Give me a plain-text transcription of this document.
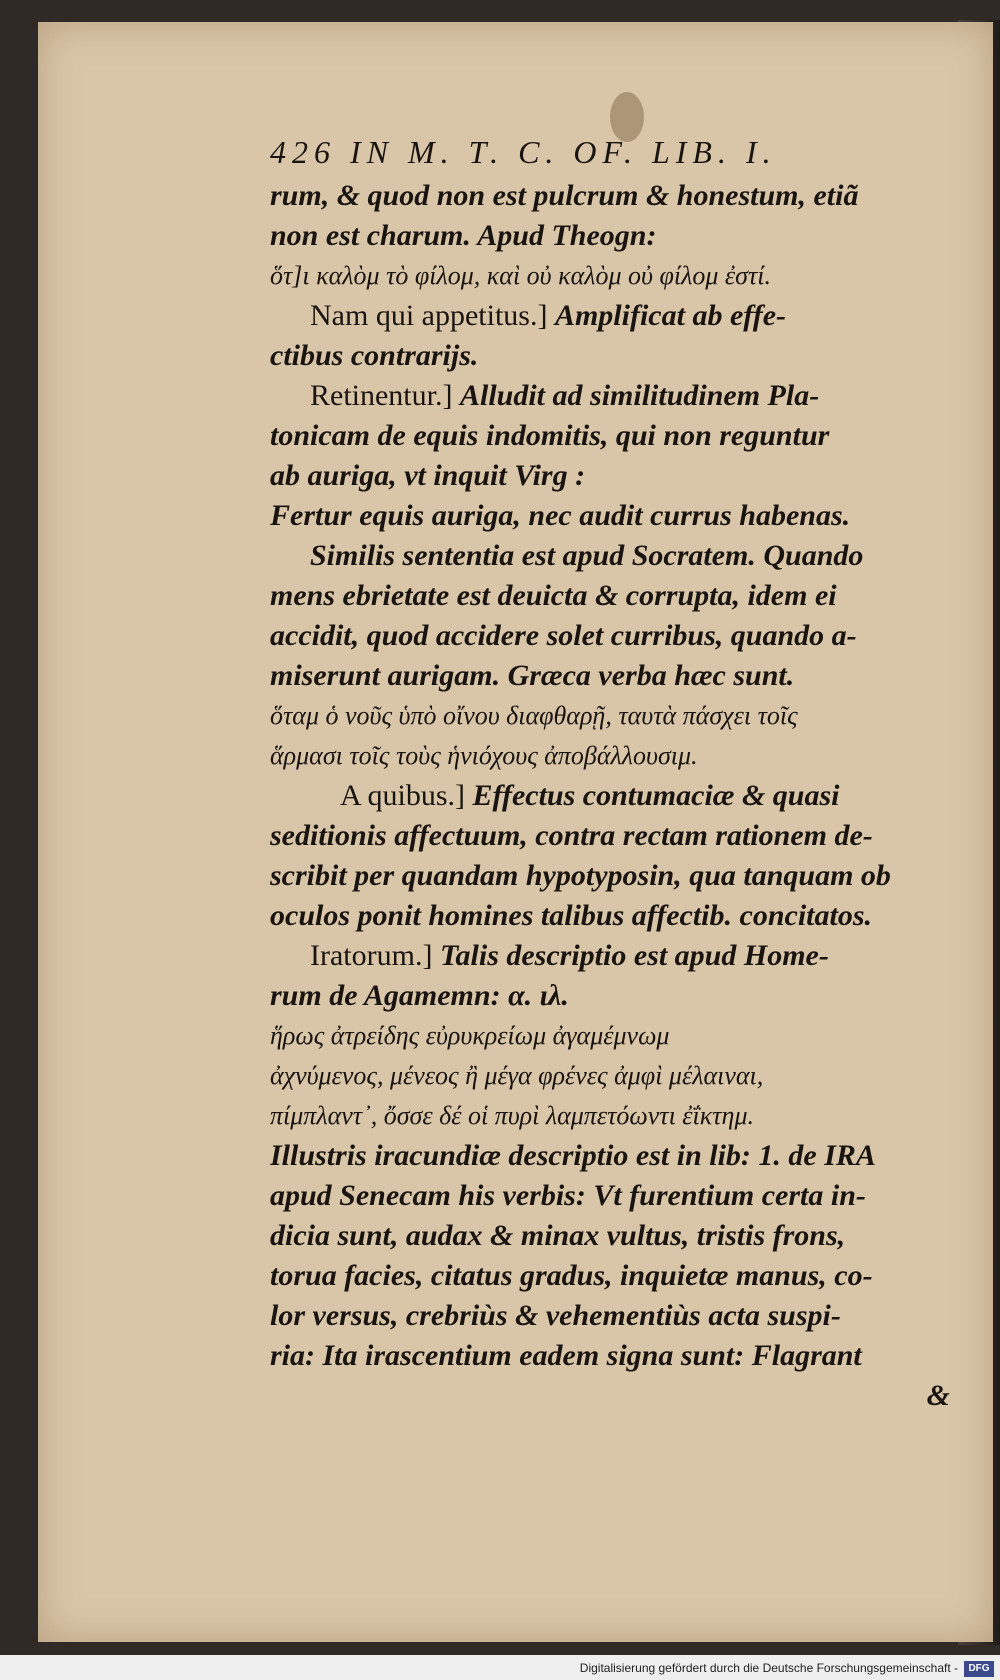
426 IN M. T. C. OF. LIB. I.
rum, & quod non est pulcrum & honestum, etiã
non est charum. Apud Theogn:
ὅτ]ι καλὸμ τὸ φίλομ, καὶ οὐ καλὸμ οὐ φίλομ ἐστί.
Nam qui appetitus.] Amplificat ab effe-
ctibus contrarijs.
Retinentur.] Alludit ad similitudinem Pla-
tonicam de equis indomitis, qui non reguntur
ab auriga, vt inquit Virg :
Fertur equis auriga, nec audit currus habenas.
Similis sententia est apud Socratem. Quando
mens ebrietate est deuicta & corrupta, idem ei
accidit, quod accidere solet curribus, quando a-
miserunt aurigam. Græca verba hæc sunt.
ὅταμ ὁ νοῦς ὑπὸ οἴνου διαφθαρῇ, ταυτὰ πάσχει τοῖς
ἅρμασι τοῖς τοὺς ἡνιόχους ἀποβάλλουσιμ.
A quibus.] Effectus contumaciæ & quasi
seditionis affectuum, contra rectam rationem de-
scribit per quandam hypotyposin, qua tanquam ob
oculos ponit homines talibus affectib. concitatos.
Iratorum.] Talis descriptio est apud Home-
rum de Agamemn: α. ιλ.
ἥρως ἀτρείδης εὐρυκρείωμ ἀγαμέμνωμ
ἀχνύμενος, μένεος ἢ μέγα φρένες ἀμφὶ μέλαιναι,
πίμπλαντ᾽, ὄσσε δέ οἱ πυρὶ λαμπετόωντι ἐΐκτημ.
Illustris iracundiæ descriptio est in lib: 1. de IRA
apud Senecam his verbis: Vt furentium certa in-
dicia sunt, audax & minax vultus, tristis frons,
torua facies, citatus gradus, inquietæ manus, co-
lor versus, crebriùs & vehementiùs acta suspi-
ria: Ita irascentium eadem signa sunt: Flagrant
&
Digitalisierung gefördert durch die Deutsche Forschungsgemeinschaft -	DFG
